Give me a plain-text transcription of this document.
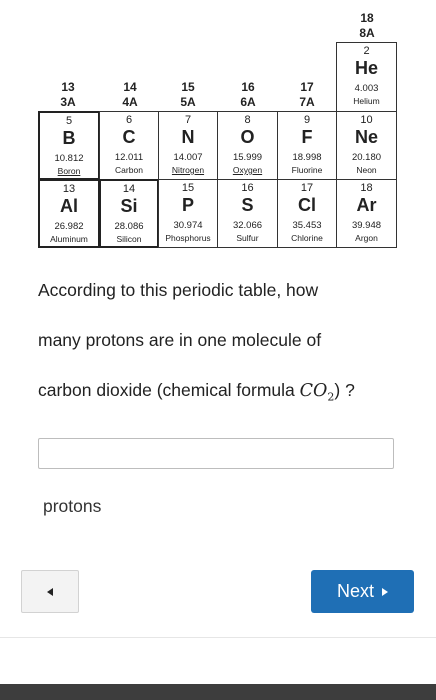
13
3A
14
4A
15
5A
16
6A
17
7A
18
8A
2
He
4.003
Helium
5
B
10.812
Boron
6
C
12.011
Carbon
7
N
14.007
Nitrogen
8
O
15.999
Oxygen
9
F
18.998
Fluorine
10
Ne
20.180
Neon
13
Al
26.982
Aluminum
14
Si
28.086
Silicon
15
P
30.974
Phosphorus
16
S
32.066
Sulfur
17
Cl
35.453
Chlorine
18
Ar
39.948
Argon
According to this periodic table, how
many protons are in one molecule of
carbon dioxide (chemical formula $CO_2$) ?
protons
Next
